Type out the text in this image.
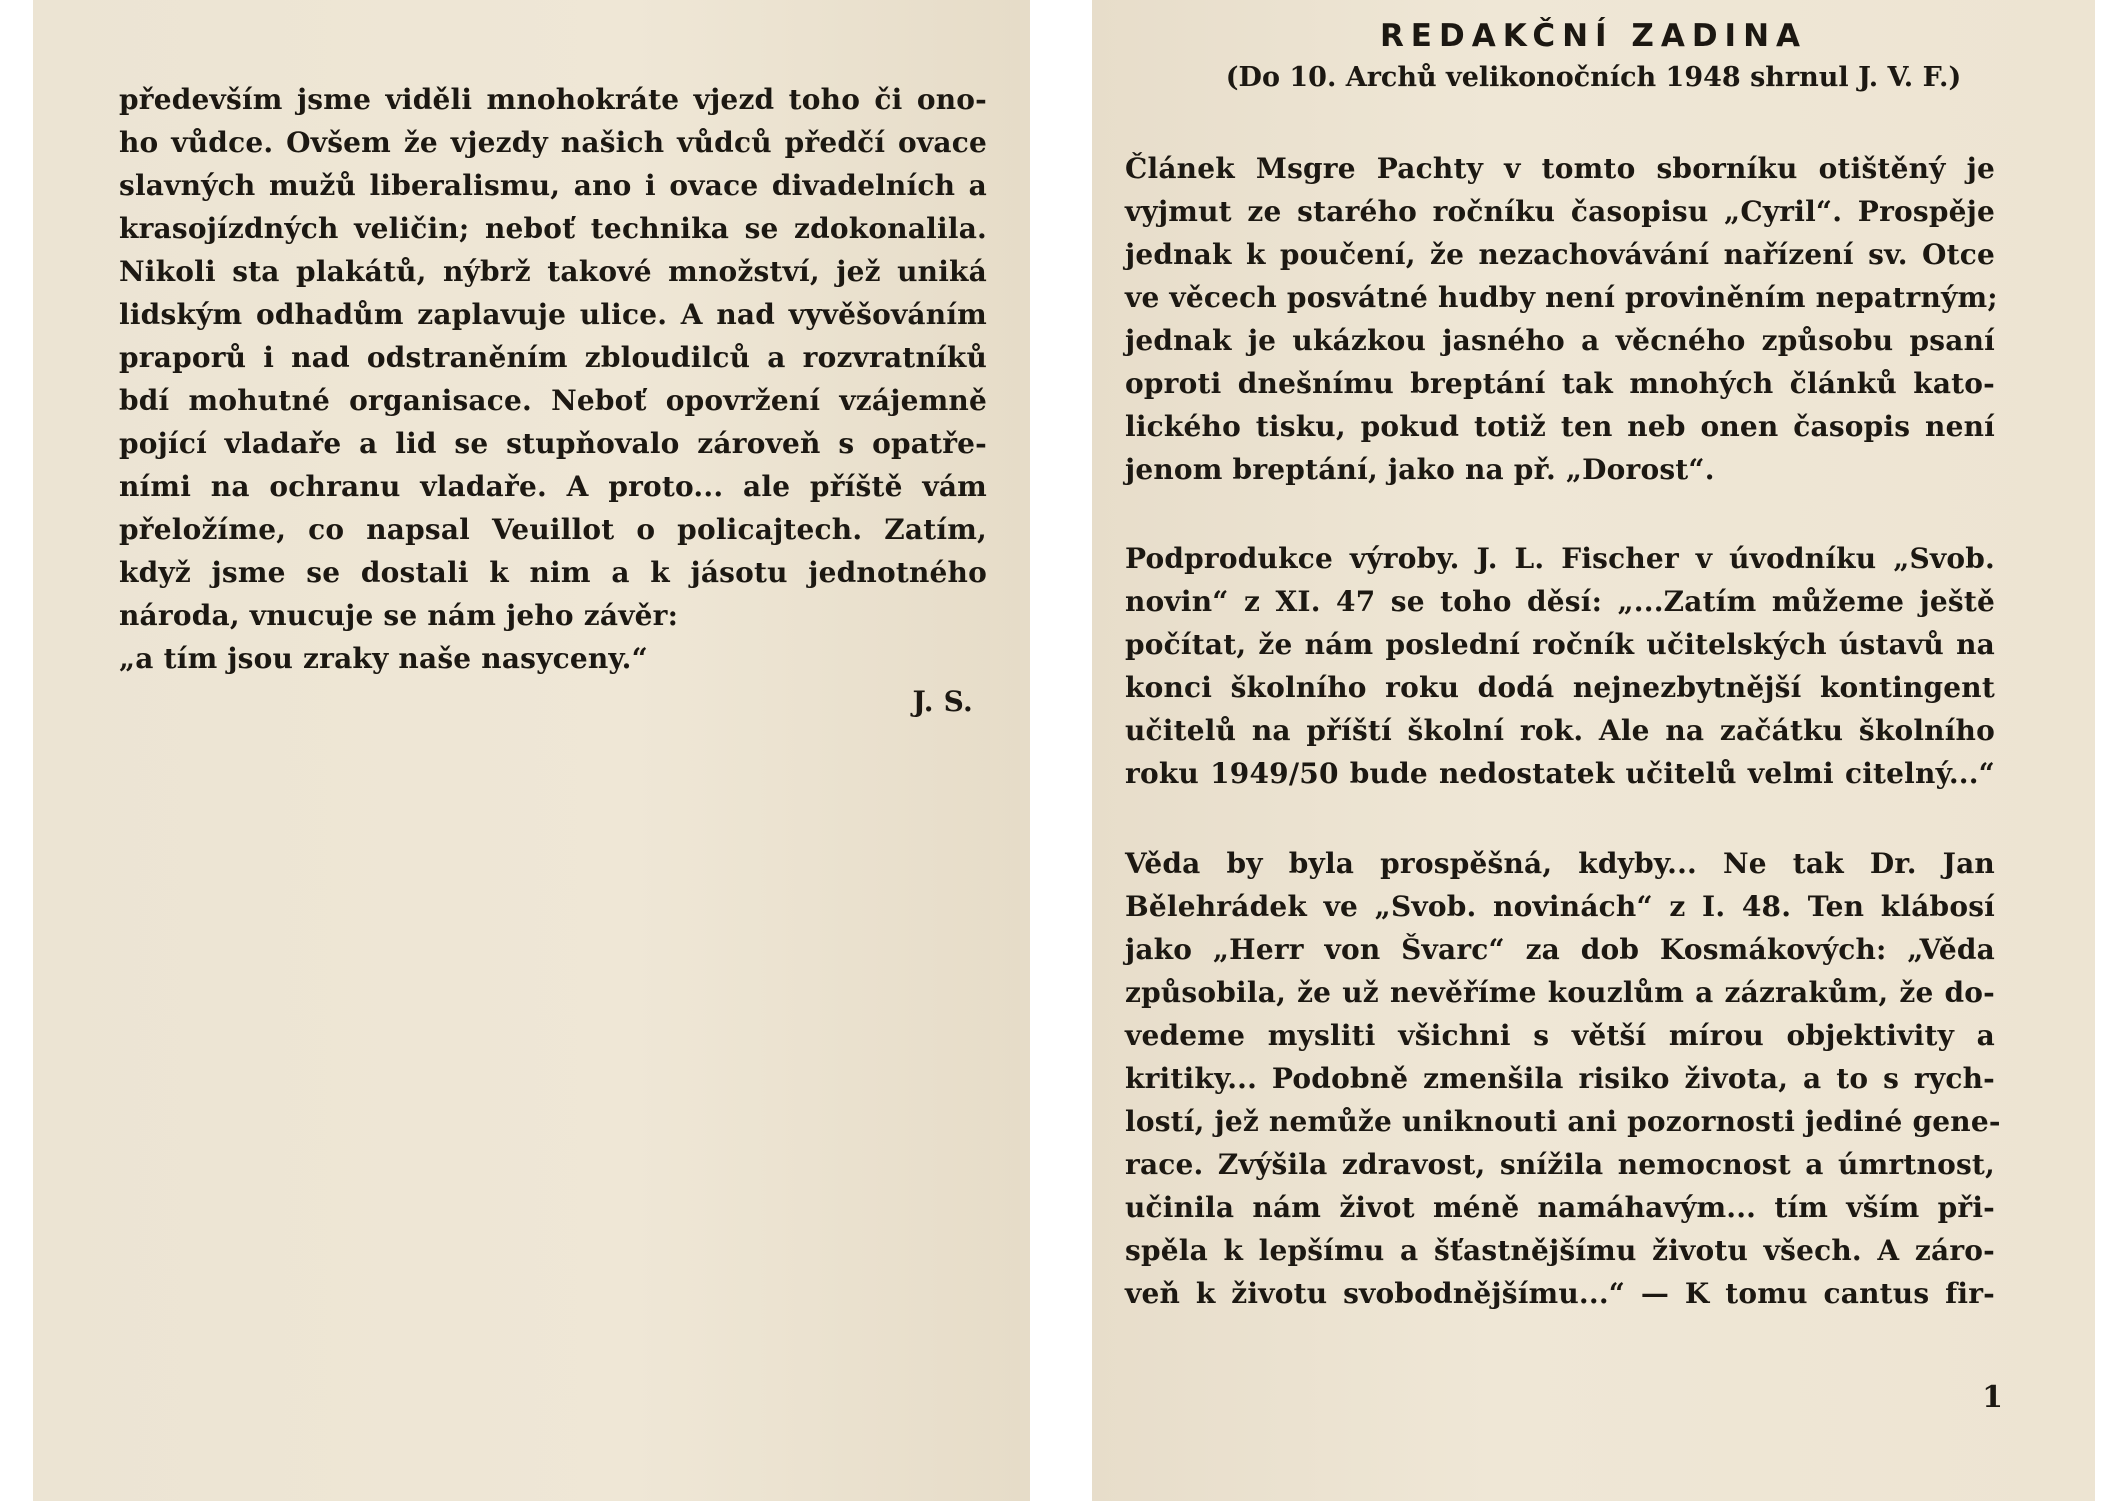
především jsme viděli mnohokráte vjezd toho či ono-
ho vůdce. Ovšem že vjezdy našich vůdců předčí ovace
slavných mužů liberalismu, ano i ovace divadelních a
krasojízdných veličin; neboť technika se zdokonalila.
Nikoli sta plakátů, nýbrž takové množství, jež uniká
lidským odhadům zaplavuje ulice. A nad vyvěšováním
praporů i nad odstraněním zbloudilců a rozvratníků
bdí mohutné organisace. Neboť opovržení vzájemně
pojící vladaře a lid se stupňovalo zároveň s opatře-
ními na ochranu vladaře. A proto... ale příště vám
přeložíme, co napsal Veuillot o policajtech. Zatím,
když jsme se dostali k nim a k jásotu jednotného
národa, vnucuje se nám jeho závěr:
„a tím jsou zraky naše nasyceny.“
J. S.
REDAKČNÍ ZADINA
(Do 10. Archů velikonočních 1948 shrnul J. V. F.)
Článek Msgre Pachty v tomto sborníku otištěný je
vyjmut ze starého ročníku časopisu „Cyril“. Prospěje
jednak k poučení, že nezachovávání nařízení sv. Otce
ve věcech posvátné hudby není proviněním nepatrným;
jednak je ukázkou jasného a věcného způsobu psaní
oproti dnešnímu breptání tak mnohých článků kato-
lického tisku, pokud totiž ten neb onen časopis není
jenom breptání, jako na př. „Dorost“.
Podprodukce výroby. J. L. Fischer v úvodníku „Svob.
novin“ z XI. 47 se toho děsí: „...Zatím můžeme ještě
počítat, že nám poslední ročník učitelských ústavů na
konci školního roku dodá nejnezbytnější kontingent
učitelů na příští školní rok. Ale na začátku školního
roku 1949/50 bude nedostatek učitelů velmi citelný...“
Věda by byla prospěšná, kdyby... Ne tak Dr. Jan
Bělehrádek ve „Svob. novinách“ z I. 48. Ten klábosí
jako „Herr von Švarc“ za dob Kosmákových: „Věda
způsobila, že už nevěříme kouzlům a zázrakům, že do-
vedeme mysliti všichni s větší mírou objektivity a
kritiky... Podobně zmenšila risiko života, a to s rych-
lostí, jež nemůže uniknouti ani pozornosti jediné gene-
race. Zvýšila zdravost, snížila nemocnost a úmrtnost,
učinila nám život méně namáhavým... tím vším při-
spěla k lepšímu a šťastnějšímu životu všech. A záro-
veň k životu svobodnějšímu...“ — K tomu cantus fir-
1
